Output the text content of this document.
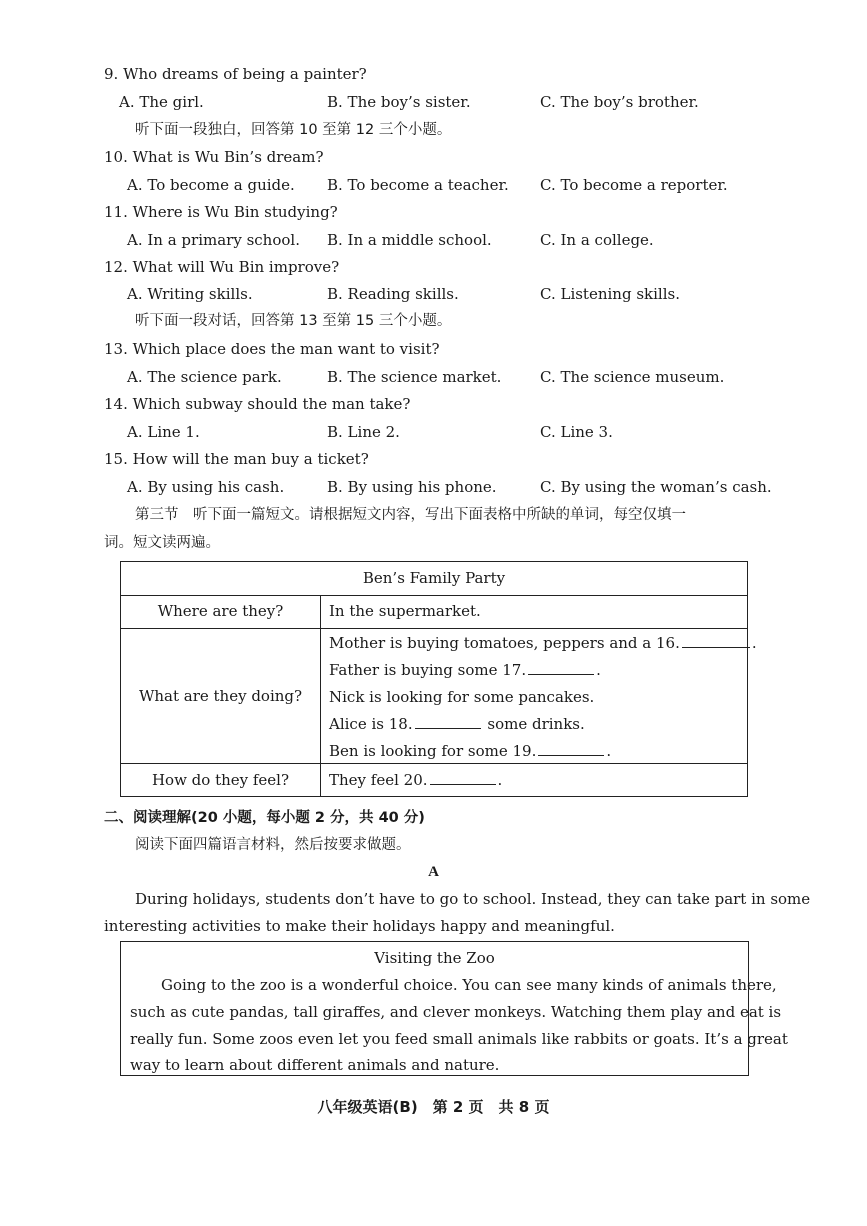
9. Who dreams of being a painter?
A. The girl.	B. The boy’s sister.	C. The boy’s brother.
听下面一段独白，回答第 10 至第 12 三个小题。
10. What is Wu Bin’s dream?
A. To become a guide. B. To become a teacher. C. To become a reporter.
11. Where is Wu Bin studying?
A. In a primary school. B. In a middle school.	C. In a college.
12. What will Wu Bin improve?
A. Writing skills.	B. Reading skills.	C. Listening skills.
听下面一段对话，回答第 13 至第 15 三个小题。
13. Which place does the man want to visit?
A. The science park.	B. The science market.	C. The science museum.
14. Which subway should the man take?
A. Line 1.	B. Line 2.	C. Line 3.
15. How will the man buy a ticket?
A. By using his cash.	B. By using his phone.	C. By using the woman’s cash.
第三节　听下面一篇短文。请根据短文内容，写出下面表格中所缺的单词，每空仅填一
词。短文读两遍。
Ben’s Family Party
Where are they?	In the supermarket.
What are they doing?
Mother is buying tomatoes, peppers and a 16.	.
Father is buying some 17.	.
Nick is looking for some pancakes.
Alice is 18.	some drinks.
Ben is looking for some 19.	.
How do they feel?	They feel 20.	.
二、阅读理解(20 小题，每小题 2 分，共 40 分)
阅读下面四篇语言材料，然后按要求做题。
A
During holidays, students don’t have to go to school. Instead, they can take part in some
interesting activities to make their holidays happy and meaningful.
Visiting the Zoo
Going to the zoo is a wonderful choice. You can see many kinds of animals there,
such as cute pandas, tall giraffes, and clever monkeys. Watching them play and eat is
really fun. Some zoos even let you feed small animals like rabbits or goats. It’s a great
way to learn about different animals and nature.
八年级英语(B)　第 2 页　共 8 页
